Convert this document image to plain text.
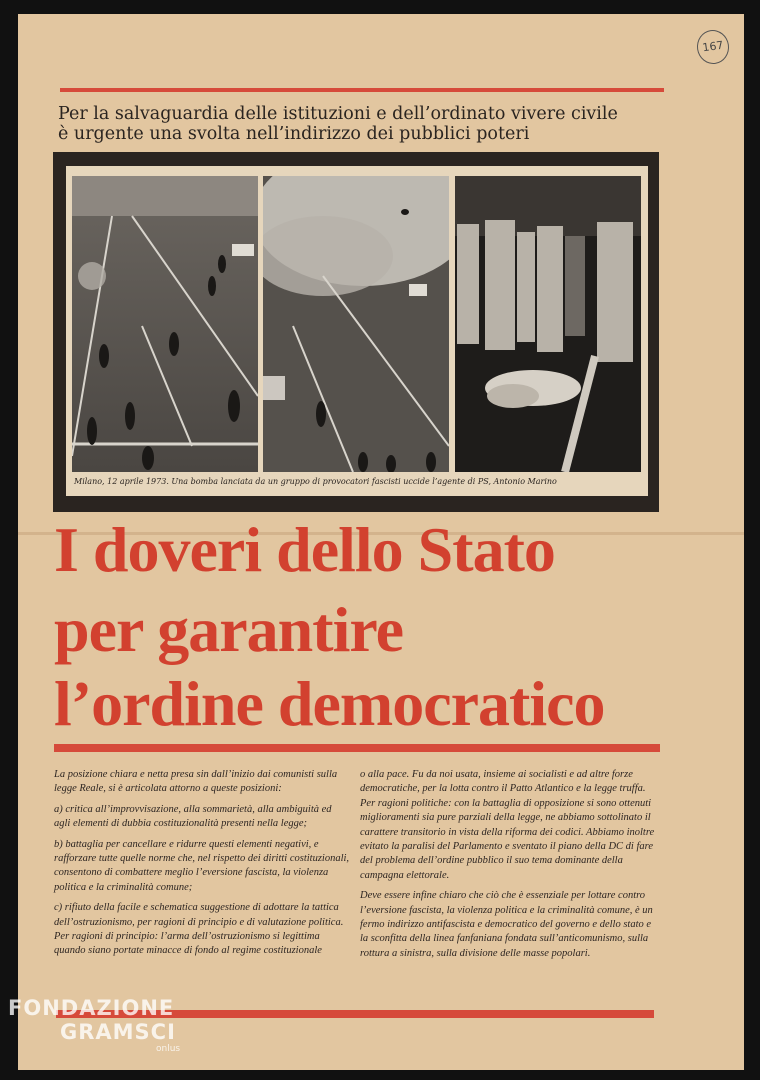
167
Per la salvaguardia delle istituzioni e dell’ordinato vivere civile
è urgente una svolta nell’indirizzo dei pubblici poteri
Milano, 12 aprile 1973. Una bomba lanciata da un gruppo di provocatori fascisti uccide l’agente di PS, Antonio Marino
I doveri dello Stato
per garantire
l’ordine democratico

La posizione chiara e netta presa sin dall’inizio dai comunisti sulla legge Reale, si è articolata attorno a queste posizioni:

a) critica all’improvvisazione, alla sommarietà, alla ambiguità ed agli elementi di dubbia costituzionalità presenti nella legge;

b) battaglia per cancellare e ridurre questi elementi negativi, e rafforzare tutte quelle norme che, nel rispetto dei diritti costituzionali, consentono di combattere meglio l’eversione fascista, la violenza politica e la criminalità comune;

c) rifiuto della facile e schematica suggestione di adottare la tattica dell’ostruzionismo, per ragioni di principio e di valutazione politica. Per ragioni di principio: l’arma dell’ostruzionismo si legittima quando siano portate minacce di fondo al regime costituzionale

o alla pace. Fu da noi usata, insieme ai socialisti e ad altre forze democratiche, per la lotta contro il Patto Atlantico e la legge truffa.

Per ragioni politiche: con la battaglia di opposizione si sono ottenuti miglioramenti sia pure parziali della legge, ne abbiamo sottolinato il carattere transitorio in vista della riforma dei codici. Abbiamo inoltre evitato la paralisi del Parlamento e sventato il piano della DC di fare del problema dell’ordine pubblico il suo tema dominante della campagna elettorale.

Deve essere infine chiaro che ciò che è essenziale per lottare contro l’eversione fascista, la violenza politica e la criminalità comune, è un fermo indirizzo antifascista e democratico del governo e dello stato e la sconfitta della linea fanfaniana fondata sull’anticomunismo, sulla rottura a sinistra, sulla divisione delle masse popolari.

FONDAZIONE
GRAMSCI
onlus
